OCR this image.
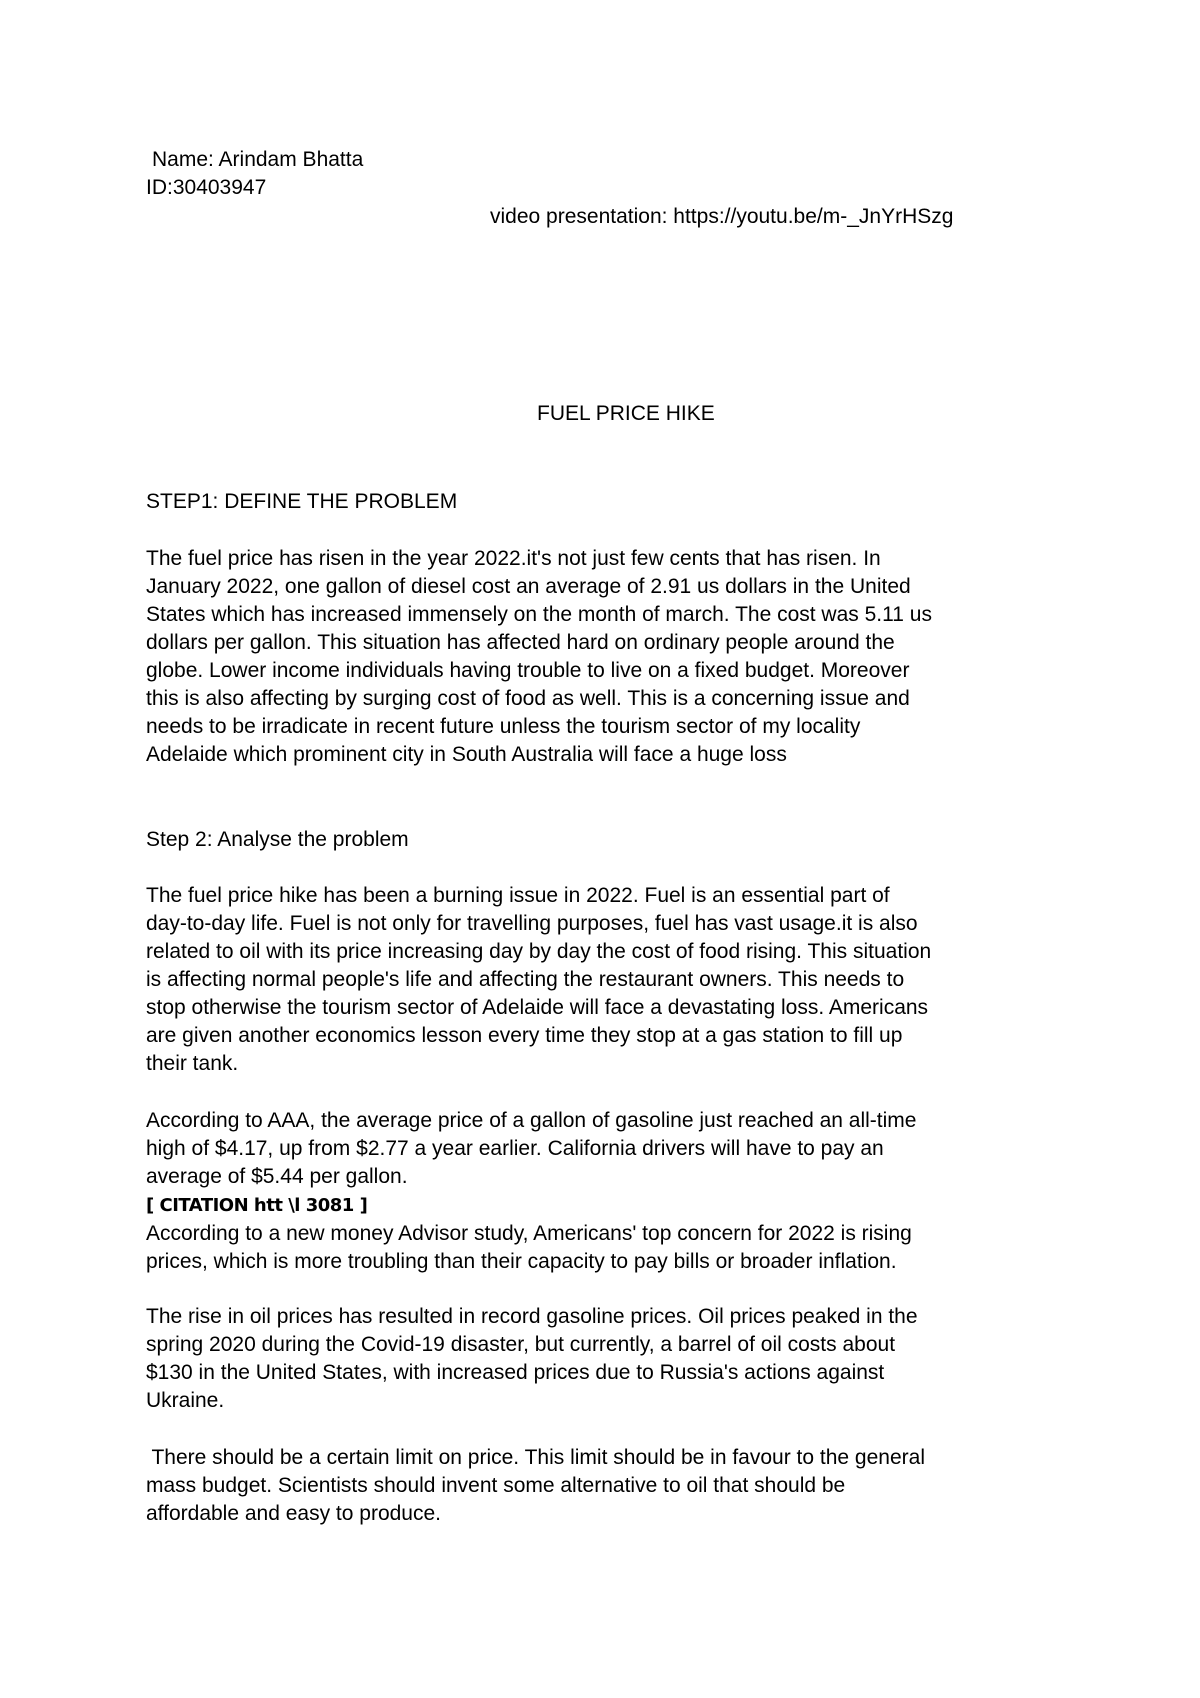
Name: Arindam Bhatta

ID:30403947

video presentation: https://youtu.be/m-_JnYrHSzg

FUEL PRICE HIKE

STEP1: DEFINE THE PROBLEM

The fuel price has risen in the year 2022.it's not just few cents that has risen. In
January 2022, one gallon of diesel cost an average of 2.91 us dollars in the United
States which has increased immensely on the month of march. The cost was 5.11 us
dollars per gallon. This situation has affected hard on ordinary people around the
globe. Lower income individuals having trouble to live on a fixed budget. Moreover
this is also affecting by surging cost of food as well. This is a concerning issue and
needs to be irradicate in recent future unless the tourism sector of my locality
Adelaide which prominent city in South Australia will face a huge loss

Step 2: Analyse the problem

The fuel price hike has been a burning issue in 2022. Fuel is an essential part of
day-to-day life. Fuel is not only for travelling purposes, fuel has vast usage.it is also
related to oil with its price increasing day by day the cost of food rising. This situation
is affecting normal people's life and affecting the restaurant owners. This needs to
stop otherwise the tourism sector of Adelaide will face a devastating loss. Americans
are given another economics lesson every time they stop at a gas station to fill up
their tank.
According to AAA, the average price of a gallon of gasoline just reached an all-time
high of $4.17, up from $2.77 a year earlier. California drivers will have to pay an
average of $5.44 per gallon.

[ CITATION htt \l 3081 ]

According to a new money Advisor study, Americans' top concern for 2022 is rising
prices, which is more troubling than their capacity to pay bills or broader inflation.
The rise in oil prices has resulted in record gasoline prices. Oil prices peaked in the
spring 2020 during the Covid-19 disaster, but currently, a barrel of oil costs about
$130 in the United States, with increased prices due to Russia's actions against
Ukraine.
There should be a certain limit on price. This limit should be in favour to the general
mass budget. Scientists should invent some alternative to oil that should be
affordable and easy to produce.
